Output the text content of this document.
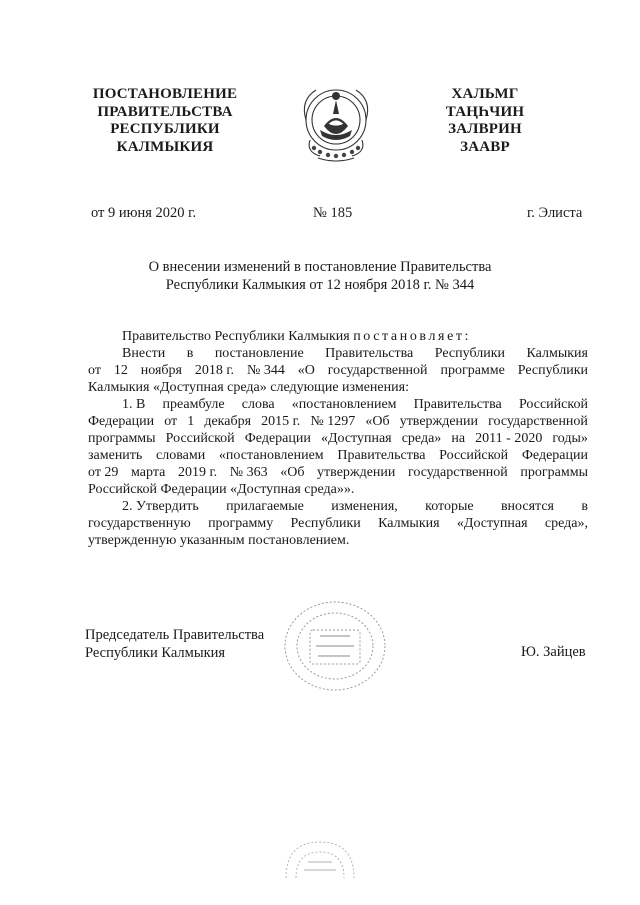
ПОСТАНОВЛЕНИЕ
ПРАВИТЕЛЬСТВА
РЕСПУБЛИКИ
КАЛМЫКИЯ
ХАЛЬМГ
ТАҢҺЧИН
ЗАЛВРИН
ЗААВР
от 9 июня 2020 г.	№ 185	г. Элиста
О внесении изменений в постановление Правительства
Республики Калмыкия от 12 ноября 2018 г. № 344
Правительство Республики Калмыкия постановляет:
Внести в постановление Правительства Республики Калмыкия
от 12 ноября 2018 г. № 344 «О государственной программе Республики
Калмыкия «Доступная среда» следующие изменения:
1. В преамбуле слова «постановлением Правительства Российской
Федерации от 1 декабря 2015 г. № 1297 «Об утверждении государственной
программы Российской Федерации «Доступная среда» на 2011 - 2020 годы»
заменить словами «постановлением Правительства Российской Федерации
от 29 марта 2019 г. № 363 «Об утверждении государственной программы
Российской Федерации «Доступная среда»».
2. Утвердить прилагаемые изменения, которые вносятся в
государственную программу Республики Калмыкия «Доступная среда»,
утвержденную указанным постановлением.
Председатель Правительства
Республики Калмыкия	Ю. Зайцев
